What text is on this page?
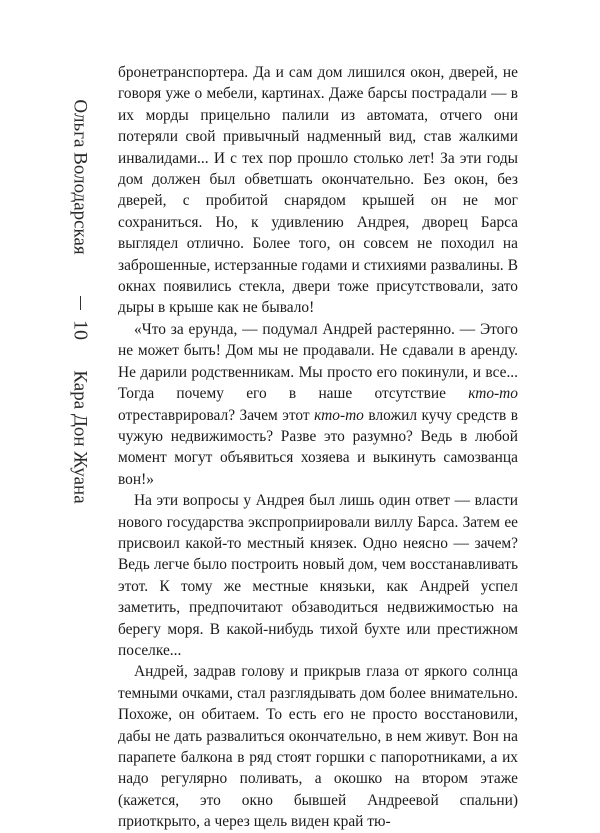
Ольга Володарская
10
Кара Дон Жуана

бронетранспортера. Да и сам дом лишился окон, дверей, не говоря уже о мебели, картинах. Даже барсы пострадали — в их морды прицельно палили из автомата, отчего они потеряли свой привычный надменный вид, став жалкими инвалидами... И с тех пор прошло столько лет! За эти годы дом должен был обветшать окончательно. Без окон, без дверей, с пробитой снарядом крышей он не мог сохраниться. Но, к удивлению Андрея, дворец Барса выглядел отлично. Более того, он совсем не походил на заброшенные, истерзанные годами и стихиями развалины. В окнах появились стекла, двери тоже присутствовали, зато дыры в крыше как не бывало!

«Что за ерунда, — подумал Андрей растерянно. — Этого не может быть! Дом мы не продавали. Не сдавали в аренду. Не дарили родственникам. Мы просто его покинули, и все... Тогда почему его в наше отсутствие кто-то отреставрировал? Зачем этот кто-то вложил кучу средств в чужую недвижимость? Разве это разумно? Ведь в любой момент могут объявиться хозяева и выкинуть самозванца вон!»

На эти вопросы у Андрея был лишь один ответ — власти нового государства экспроприировали виллу Барса. Затем ее присвоил какой-то местный князек. Одно неясно — зачем? Ведь легче было построить новый дом, чем восстанавливать этот. К тому же местные князьки, как Андрей успел заметить, предпочитают обзаводиться недвижимостью на берегу моря. В какой-нибудь тихой бухте или престижном поселке...

Андрей, задрав голову и прикрыв глаза от яркого солнца темными очками, стал разглядывать дом более внимательно. Похоже, он обитаем. То есть его не просто восстановили, дабы не дать развалиться окончательно, в нем живут. Вон на парапете балкона в ряд стоят горшки с папоротниками, а их надо регулярно поливать, а окошко на втором этаже (кажется, это окно бывшей Андреевой спальни) приоткрыто, а через щель виден край тю-
